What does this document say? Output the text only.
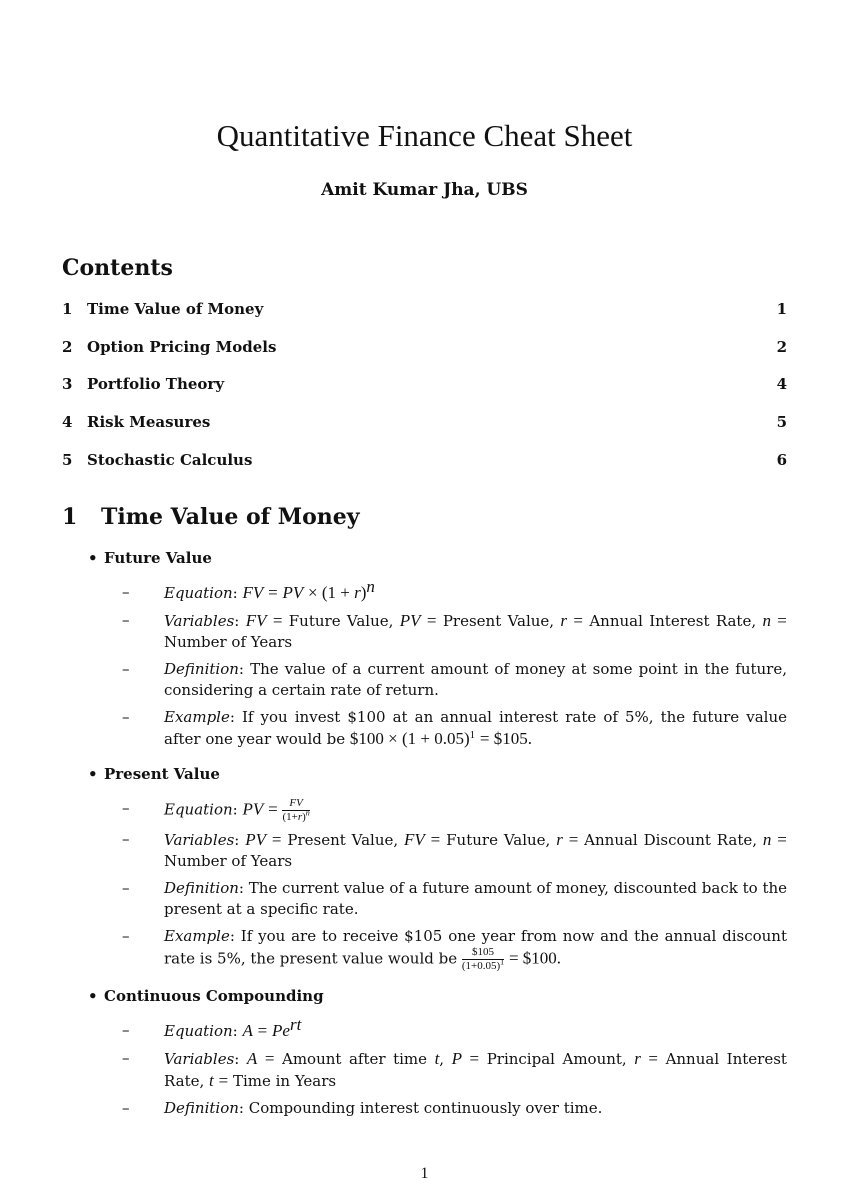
Quantitative Finance Cheat Sheet
Amit Kumar Jha, UBS
Contents
1 Time Value of Money	1
2 Option Pricing Models	2
3 Portfolio Theory	4
4 Risk Measures	5
5 Stochastic Calculus	6
1	Time Value of Money
• Future Value
–	Equation: FV = PV × $(1 + r)^n$
–	Variables: FV = Future Value, PV = Present Value, r = Annual Interest Rate, n = Number of Years
–	Definition: The value of a current amount of money at some point in the future, considering a certain rate of return.
–	Example: If you invest $100 at an annual interest rate of 5%, the future value after one year would be $100 × $(1 + 0.05)^1$ = $105.
• Present Value
–	Equation: PV = $\frac{FV}{(1+r)^n}$
–	Variables: PV = Present Value, FV = Future Value, r = Annual Discount Rate, n = Number of Years
–	Definition: The current value of a future amount of money, discounted back to the present at a specific rate.
–	Example: If you are to receive $105 one year from now and the annual discount rate is 5%, the present value would be $\frac{\$105}{(1+0.05)^1}$ = $100.
• Continuous Compounding
–	Equation: $A = Pe^{rt}$
–	Variables: A = Amount after time t, P = Principal Amount, r = Annual Interest Rate, t = Time in Years
–	Definition: Compounding interest continuously over time.
1
